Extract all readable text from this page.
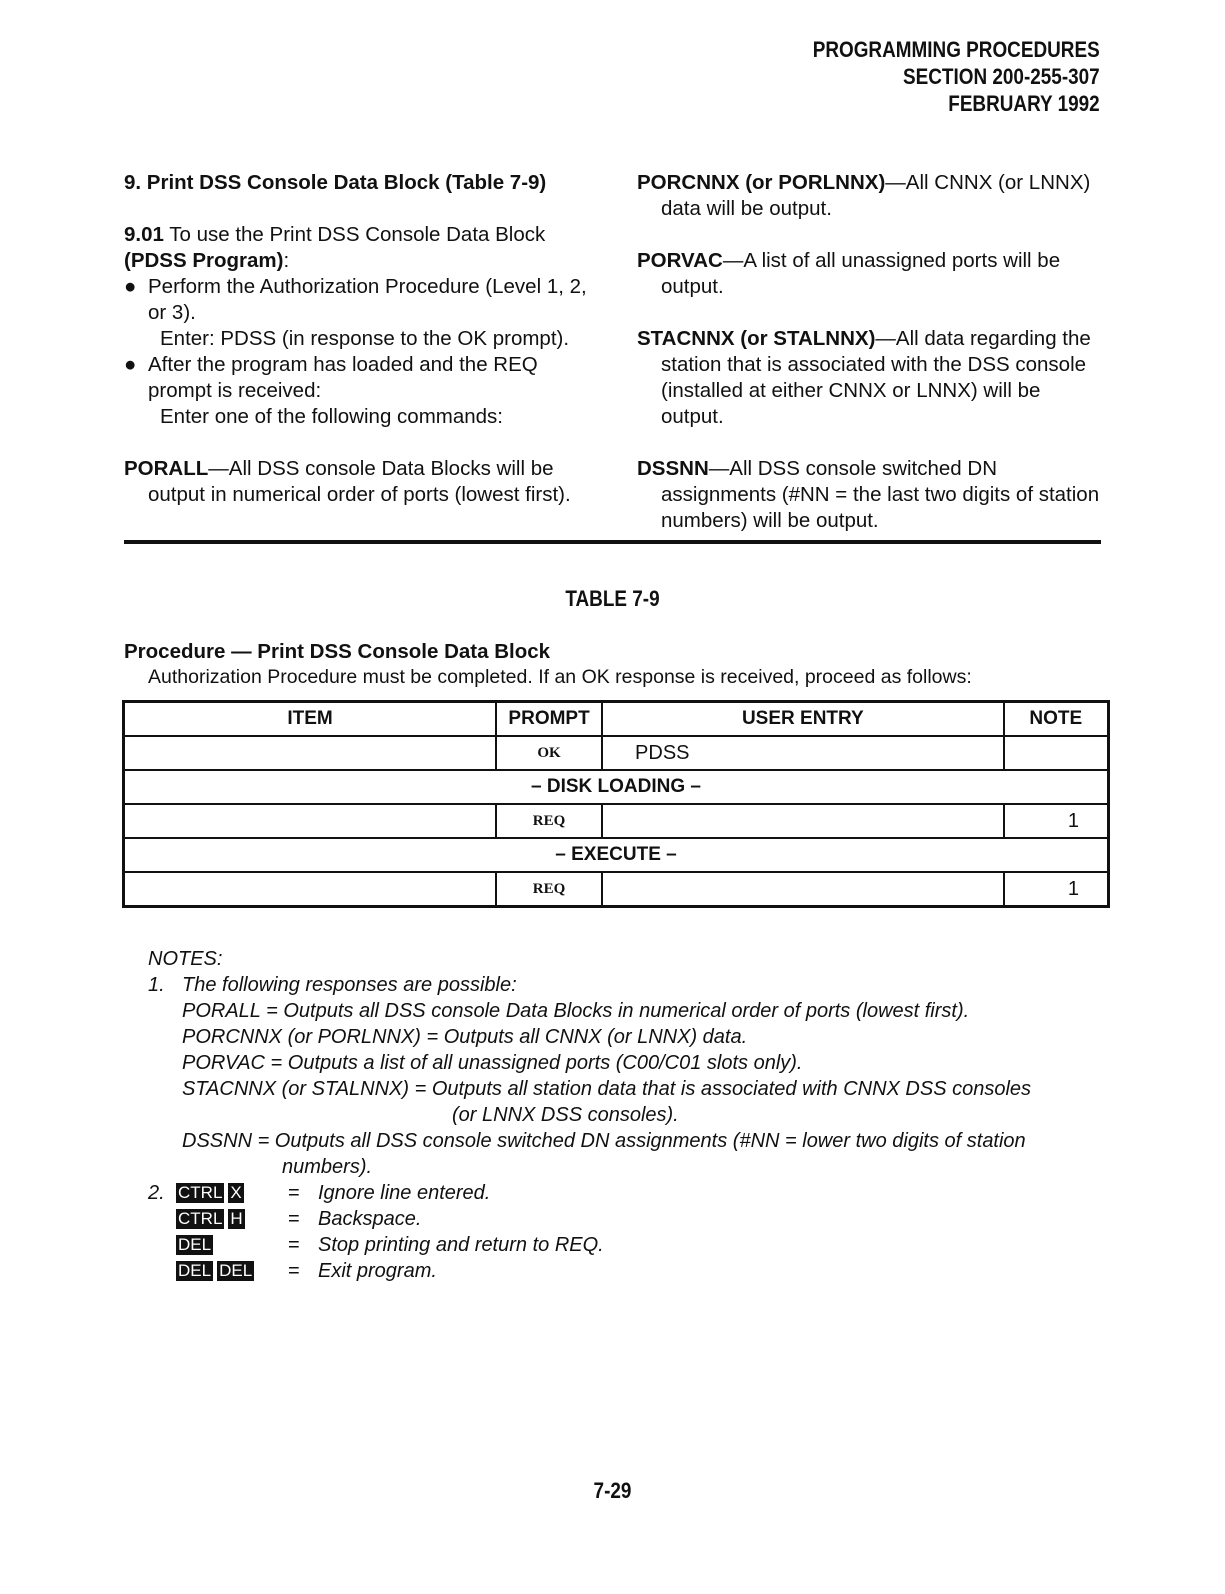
PROGRAMMING PROCEDURES
SECTION 200-255-307
FEBRUARY 1992

9. Print DSS Console Data Block (Table 7-9)

9.01 To use the Print DSS Console Data Block
(PDSS Program):

● Perform the Authorization Procedure (Level 1, 2, or 3).

Enter: PDSS (in response to the OK prompt).

● After the program has loaded and the REQ prompt is received:

Enter one of the following commands:

PORALL—All DSS console Data Blocks will be output in numerical order of ports (lowest first).

PORCNNX (or PORLNNX)—All CNNX (or LNNX) data will be output.

PORVAC—A list of all unassigned ports will be output.

STACNNX (or STALNNX)—All data regarding the station that is associated with the DSS console (installed at either CNNX or LNNX) will be output.

DSSNN—All DSS console switched DN assignments (#NN = the last two digits of station numbers) will be output.

TABLE 7-9
Procedure — Print DSS Console Data Block
Authorization Procedure must be completed. If an OK response is received, proceed as follows:
ITEM	PROMPT	USER ENTRY	NOTE
	OK	PDSS	
– DISK LOADING –			
	REQ		1
– EXECUTE –			
	REQ		1
NOTES:
1. The following responses are possible:
PORALL = Outputs all DSS console Data Blocks in numerical order of ports (lowest first).
PORCNNX (or PORLNNX) = Outputs all CNNX (or LNNX) data.
PORVAC = Outputs a list of all unassigned ports (C00/C01 slots only).
STACNNX (or STALNNX) = Outputs all station data that is associated with CNNX DSS consoles
(or LNNX DSS consoles).
DSSNN = Outputs all DSS console switched DN assignments (#NN = lower two digits of station
numbers).
2. CTRL X = Ignore line entered.
CTRL H = Backspace.
DEL	= Stop printing and return to REQ.
DEL DEL = Exit program.
7-29
